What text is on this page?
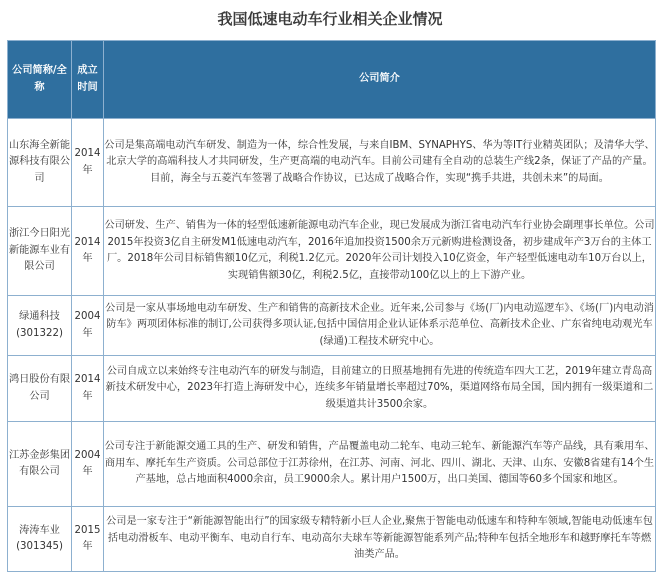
我国低速电动车行业相关企业情况
公司简称/全称	成立时间	公司简介
山东海全新能源科技有限公司	2014年	公司是集高端电动汽车研发、制造为一体，综合性发展，与来自IBM、SYNAPHYS、华为等IT行业精英团队；及清华大学、北京大学的高端科技人才共同研发，生产更高端的电动汽车。目前公司建有全自动的总装生产线2条，保证了产品的产量。目前，海全与五菱汽车签署了战略合作协议，已达成了战略合作，实现“携手共进，共创未来”的局面。
浙江今日阳光新能源车业有限公司	2014年	公司研发、生产、销售为一体的轻型低速新能源电动汽车企业，现已发展成为浙江省电动汽车行业协会副理事长单位。公司2015年投资3亿自主研发M1低速电动汽车，2016年追加投资1500余万元新购进检测设备，初步建成年产3万台的主体工厂。2018年公司目标销售额10亿元，利税1.2亿元。2020年公司计划投入10亿资金，年产轻型低速电动车10万台以上，实现销售额30亿，利税2.5亿，直接带动100亿以上的上下游产业。
绿通科技(301322)	2004年	公司是一家从事场地电动车研发、生产和销售的高新技术企业。近年来,公司参与《场(厂)内电动巡逻车》、《场(厂)内电动消防车》两项团体标准的制订,公司获得多项认证,包括中国信用企业认证体系示范单位、高新技术企业、广东省纯电动观光车(绿通)工程技术研究中心。
鸿日股份有限公司	2014年	公司自成立以来始终专注电动汽车的研发与制造，目前建立的日照基地拥有先进的传统造车四大工艺，2019年建立青岛高新技术研发中心，2023年打造上海研发中心，连续多年销量增长率超过70%，渠道网络布局全国，国内拥有一级渠道和二级渠道共计3500余家。
江苏金彭集团有限公司	2004年	公司专注于新能源交通工具的生产、研发和销售，产品覆盖电动二轮车、电动三轮车、新能源汽车等产品线，具有乘用车、商用车、摩托车生产资质。公司总部位于江苏徐州，在江苏、河南、河北、四川、湖北、天津、山东、安徽8省建有14个生产基地，总占地面积4000余亩，员工9000余人。累计用户1500万，出口美国、德国等60多个国家和地区。
涛涛车业(301345)	2015年	公司是一家专注于“新能源智能出行”的国家级专精特新小巨人企业,聚焦于智能电动低速车和特种车领域,智能电动低速车包括电动滑板车、电动平衡车、电动自行车、电动高尔夫球车等新能源智能系列产品;特种车包括全地形车和越野摩托车等燃油类产品。
